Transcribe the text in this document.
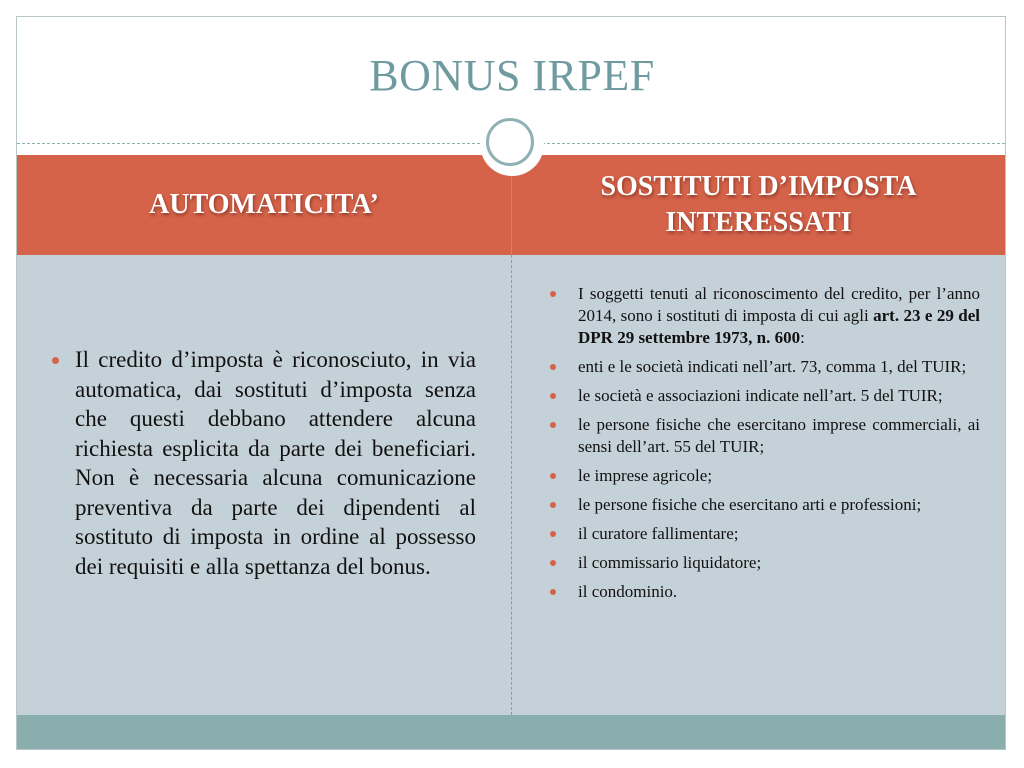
BONUS IRPEF
AUTOMATICITA’
SOSTITUTI D’IMPOSTA
INTERESSATI
Il credito d’imposta è riconosciuto, in via automatica, dai sostituti d’imposta senza che questi debbano attendere alcuna richiesta esplicita da parte dei beneficiari. Non è necessaria alcuna comunicazione preventiva da parte dei dipendenti al sostituto di imposta in ordine al possesso dei requisiti e alla spettanza del bonus.
I soggetti tenuti al riconoscimento del credito, per l’anno 2014, sono i sostituti di imposta di cui agli art. 23 e 29 del DPR 29 settembre 1973, n. 600:
enti e le società indicati nell’art. 73, comma 1, del TUIR;
le società e associazioni indicate nell’art. 5 del TUIR;
le persone fisiche che esercitano imprese commerciali, ai sensi dell’art. 55 del TUIR;
le imprese agricole;
le persone fisiche che esercitano arti e professioni;
il curatore fallimentare;
il commissario liquidatore;
il condominio.
